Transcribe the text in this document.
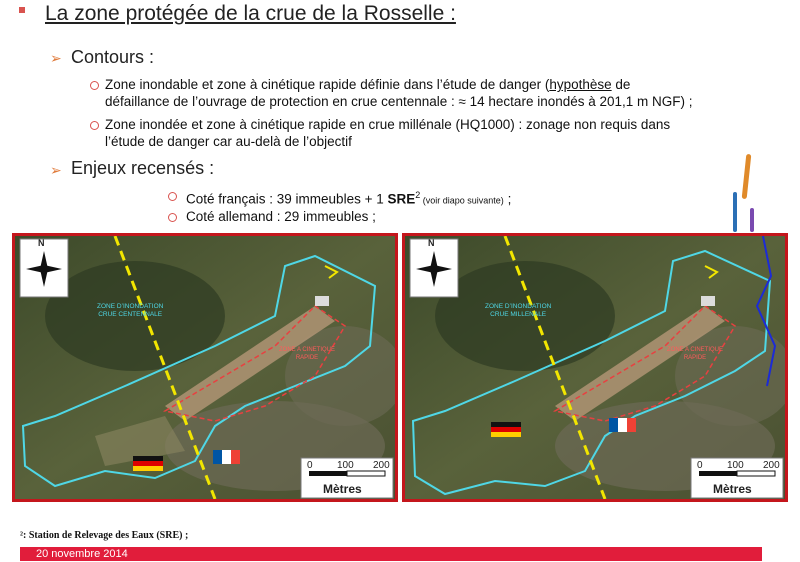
La zone protégée de la crue de la Rosselle :
➢ Contours :
Zone inondable et zone à cinétique rapide définie dans l’étude de danger (hypothèse de
défaillance de l’ouvrage de protection en crue centennale : ≈ 14 hectare inondés à 201,1 m NGF) ;
Zone inondée et zone à cinétique rapide en crue millénale (HQ1000) : zonage non requis dans
l’étude de danger car au-delà de l’objectif
➢ Enjeux recensés :
Coté français : 39 immeubles + 1 SRE$^2$ (voir diapo suivante) ;
Coté allemand : 29 immeubles ;
N
ZONE D’INONDATION
CRUE CENTENNALE
ZONE A CINETIQUE
RAPIDE
0 100 200
Mètres
N
ZONE D’INONDATION
CRUE MILLENALE
ZONE A CINETIQUE
RAPIDE
0 100 200
Mètres
²: Station de Relevage des Eaux (SRE) ;
20 novembre 2014
